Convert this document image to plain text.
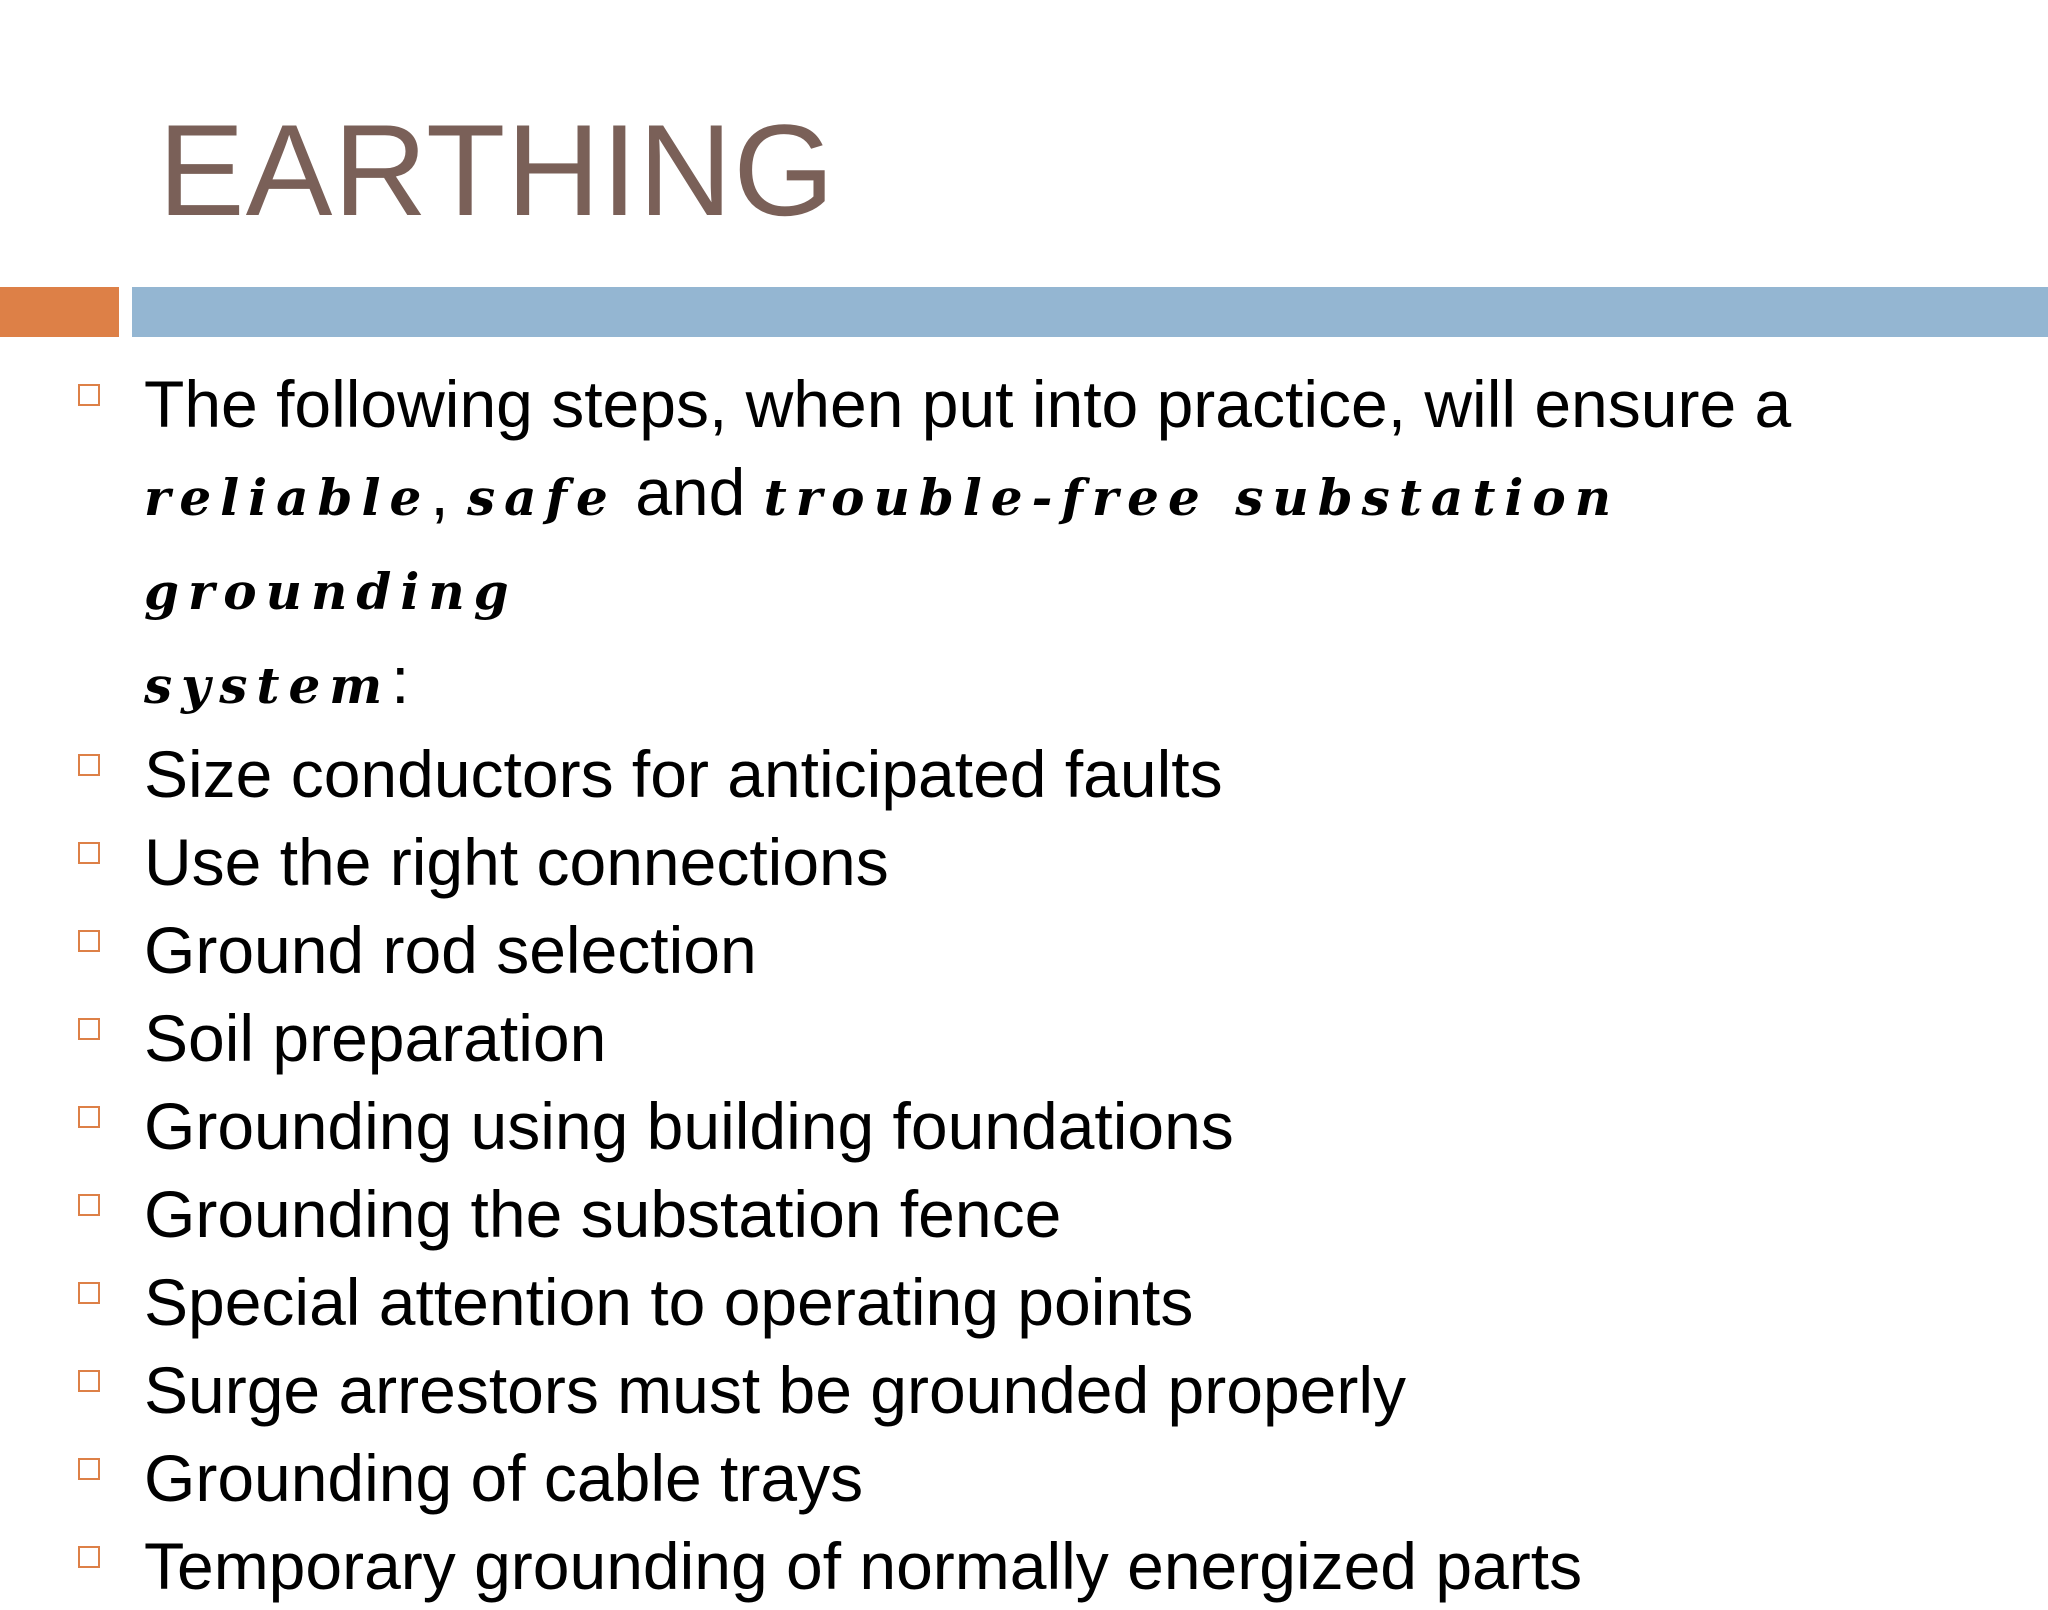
EARTHING
The following steps, when put into practice, will ensure a
reliable, safe and trouble-free substation grounding
system:
Size conductors for anticipated faults
Use the right connections
Ground rod selection
Soil preparation
Grounding using building foundations
Grounding the substation fence
Special attention to operating points
Surge arrestors must be grounded properly
Grounding of cable trays
Temporary grounding of normally energized parts
